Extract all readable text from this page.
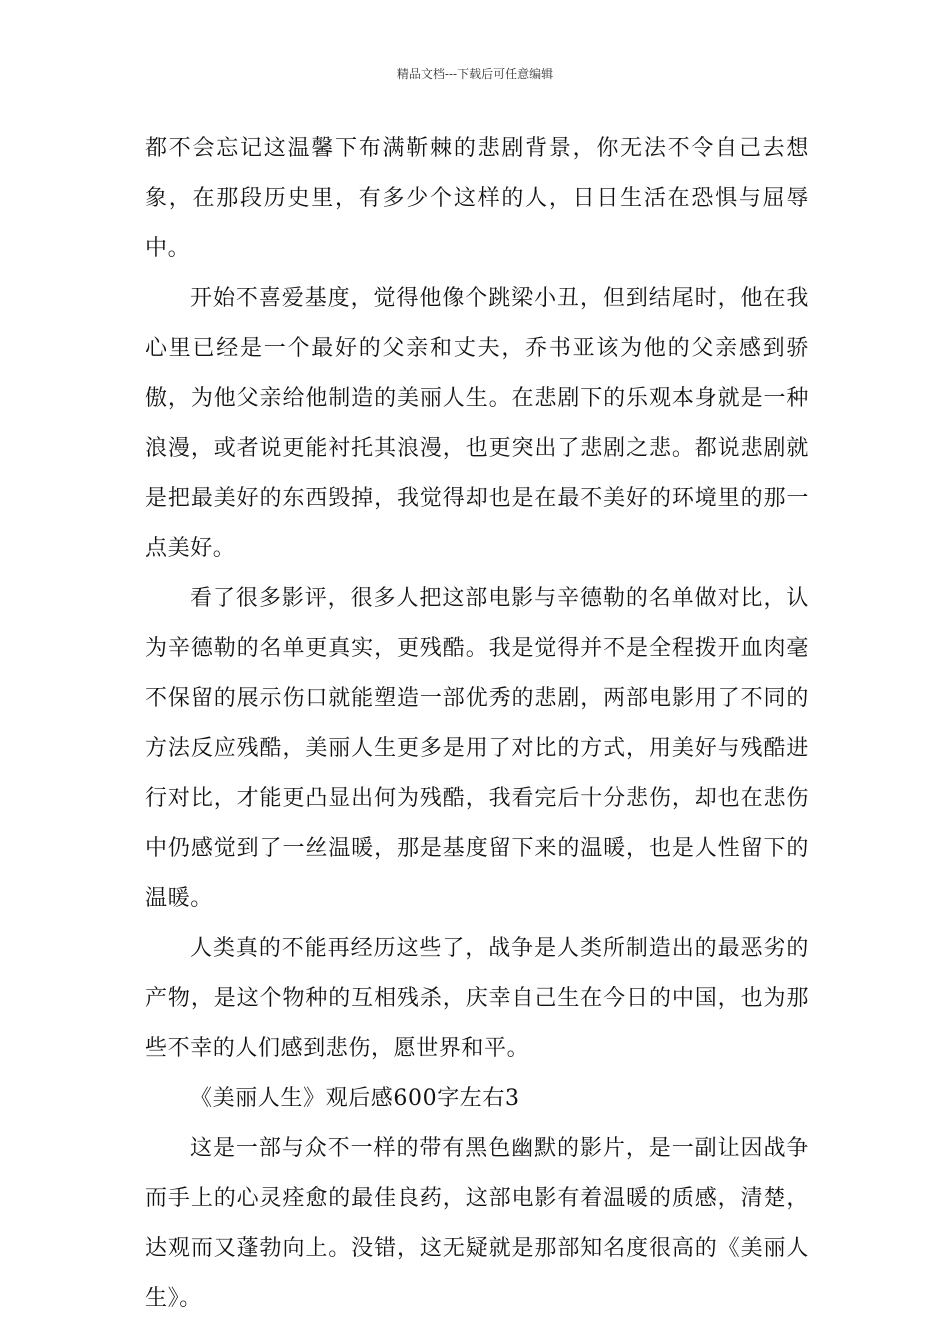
精品文档---下载后可任意编辑

都不会忘记这温馨下布满靳棘的悲剧背景，你无法不令自己去想象，在那段历史里，有多少个这样的人，日日生活在恐惧与屈辱中。

开始不喜爱基度，觉得他像个跳梁小丑，但到结尾时，他在我心里已经是一个最好的父亲和丈夫，乔书亚该为他的父亲感到骄傲，为他父亲给他制造的美丽人生。在悲剧下的乐观本身就是一种浪漫，或者说更能衬托其浪漫，也更突出了悲剧之悲。都说悲剧就是把最美好的东西毁掉，我觉得却也是在最不美好的环境里的那一点美好。

看了很多影评，很多人把这部电影与辛德勒的名单做对比，认为辛德勒的名单更真实，更残酷。我是觉得并不是全程拨开血肉毫不保留的展示伤口就能塑造一部优秀的悲剧，两部电影用了不同的方法反应残酷，美丽人生更多是用了对比的方式，用美好与残酷进行对比，才能更凸显出何为残酷，我看完后十分悲伤，却也在悲伤中仍感觉到了一丝温暖，那是基度留下来的温暖，也是人性留下的温暖。

人类真的不能再经历这些了，战争是人类所制造出的最恶劣的产物，是这个物种的互相残杀，庆幸自己生在今日的中国，也为那些不幸的人们感到悲伤，愿世界和平。

《美丽人生》观后感600字左右3

这是一部与众不一样的带有黑色幽默的影片，是一副让因战争而手上的心灵痊愈的最佳良药，这部电影有着温暖的质感，清楚，达观而又蓬勃向上。没错，这无疑就是那部知名度很高的《美丽人生》。
